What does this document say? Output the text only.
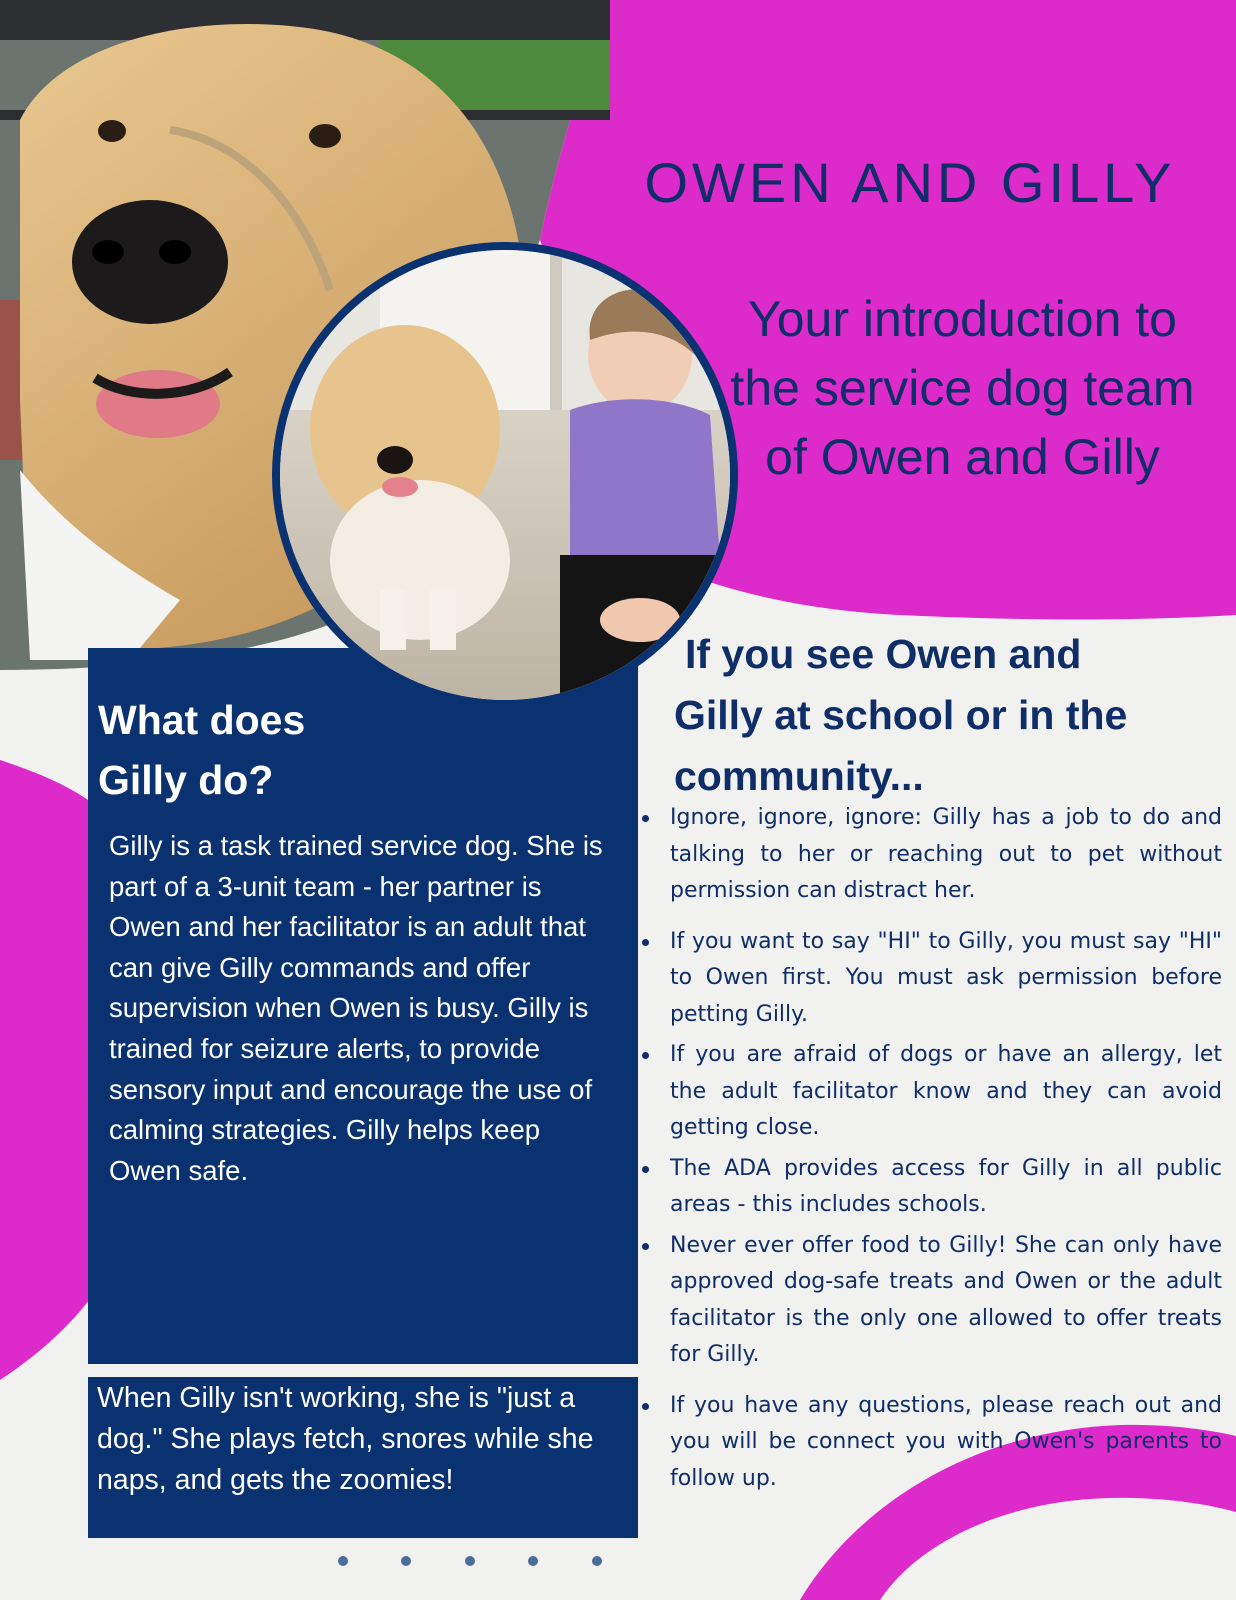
OWEN AND GILLY
Your introduction to the service dog team of Owen and Gilly
What does
Gilly do?
Gilly is a task trained service dog. She is part of a 3-unit team - her partner is Owen and her facilitator is an adult that can give Gilly commands and offer supervision when Owen is busy. Gilly is trained for seizure alerts, to provide sensory input and encourage the use of calming strategies. Gilly helps keep Owen safe.
When Gilly isn't working, she is "just a dog." She plays fetch, snores while she naps, and gets the zoomies!
If you see Owen and
Gilly at school or in the community...
Ignore, ignore, ignore: Gilly has a job to do and talking to her or reaching out to pet without permission can distract her.
If you want to say "HI" to Gilly, you must say "HI" to Owen first. You must ask permission before petting Gilly.
If you are afraid of dogs or have an allergy, let the adult facilitator know and they can avoid getting close.
The ADA provides access for Gilly in all public areas - this includes schools.
Never ever offer food to Gilly! She can only have approved dog-safe treats and Owen or the adult facilitator is the only one allowed to offer treats for Gilly.
If you have any questions, please reach out and you will be connect you with Owen's parents to follow up.
